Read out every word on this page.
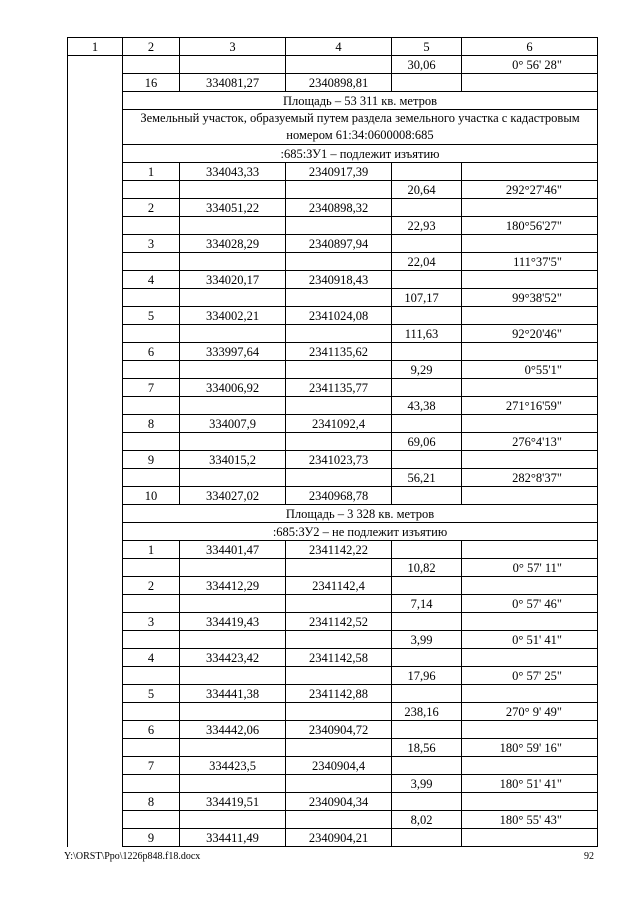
1	2	3	4	5	6
				30,06	0° 56' 28"
	16	334081,27	2340898,81		
	Площадь – 53 311 кв. метров				
	Земельный участок, образуемый путем раздела земельного участка с кадастровым номером 61:34:0600008:685				
	:685:ЗУ1 – подлежит изъятию				
	1	334043,33	2340917,39		
				20,64	292°27'46"
	2	334051,22	2340898,32		
				22,93	180°56'27"
	3	334028,29	2340897,94		
				22,04	111°37'5"
	4	334020,17	2340918,43		
				107,17	99°38'52"
	5	334002,21	2341024,08		
				111,63	92°20'46"
	6	333997,64	2341135,62		
				9,29	0°55'1"
	7	334006,92	2341135,77		
				43,38	271°16'59"
	8	334007,9	2341092,4		
				69,06	276°4'13"
	9	334015,2	2341023,73		
				56,21	282°8'37"
	10	334027,02	2340968,78		
	Площадь – 3 328 кв. метров				
	:685:ЗУ2 – не подлежит изъятию				
	1	334401,47	2341142,22		
				10,82	0° 57' 11"
	2	334412,29	2341142,4		
				7,14	0° 57' 46"
	3	334419,43	2341142,52		
				3,99	0° 51' 41"
	4	334423,42	2341142,58		
				17,96	0° 57' 25"
	5	334441,38	2341142,88		
				238,16	270° 9' 49"
	6	334442,06	2340904,72		
				18,56	180° 59' 16"
	7	334423,5	2340904,4		
				3,99	180° 51' 41"
	8	334419,51	2340904,34		
				8,02	180° 55' 43"
	9	334411,49	2340904,21		
Y:\ORST\Ppo\1226p848.f18.docx	92
